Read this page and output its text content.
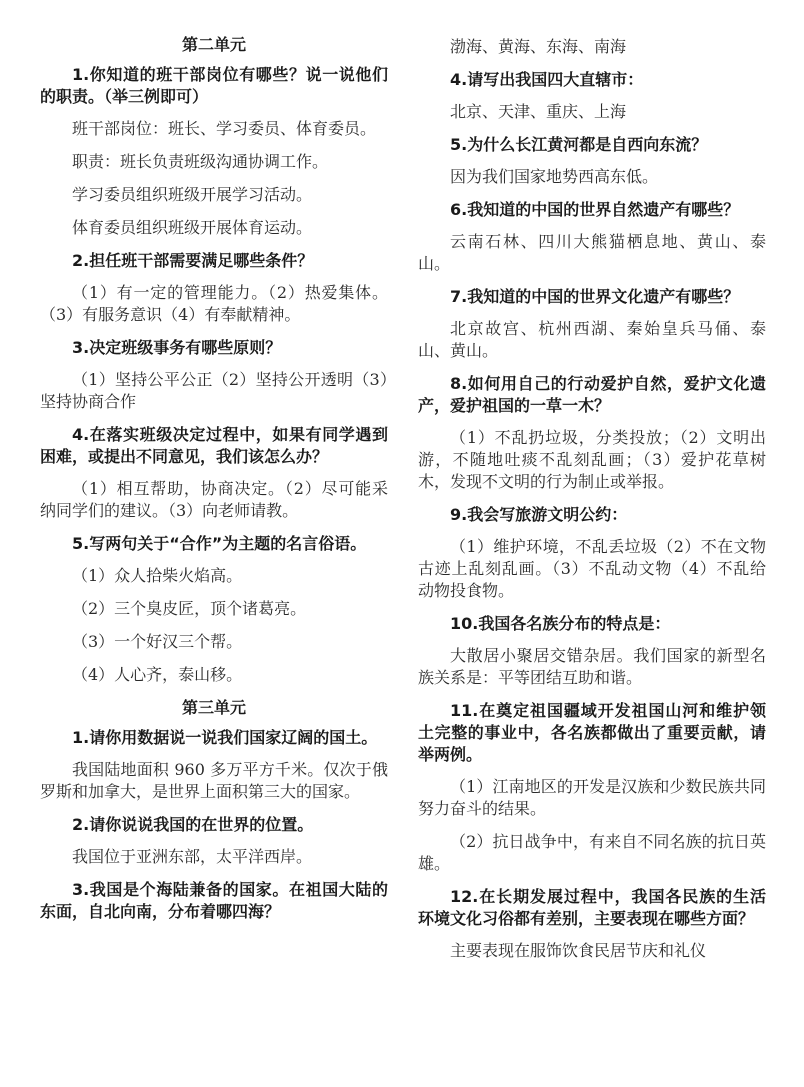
第二单元

1.你知道的班干部岗位有哪些？说一说他们的职责。（举三例即可）

班干部岗位：班长、学习委员、体育委员。

职责：班长负责班级沟通协调工作。

学习委员组织班级开展学习活动。

体育委员组织班级开展体育运动。

2.担任班干部需要满足哪些条件？

（1）有一定的管理能力。（2）热爱集体。（3）有服务意识（4）有奉献精神。

3.决定班级事务有哪些原则？

（1）坚持公平公正（2）坚持公开透明（3）坚持协商合作

4.在落实班级决定过程中，如果有同学遇到困难，或提出不同意见，我们该怎么办？

（1）相互帮助，协商决定。（2）尽可能采纳同学们的建议。（3）向老师请教。

5.写两句关于“合作”为主题的名言俗语。

（1）众人拾柴火焰高。

（2）三个臭皮匠，顶个诸葛亮。

（3）一个好汉三个帮。

（4）人心齐，泰山移。

第三单元

1.请你用数据说一说我们国家辽阔的国土。

我国陆地面积 960 多万平方千米。仅次于俄罗斯和加拿大，是世界上面积第三大的国家。

2.请你说说我国的在世界的位置。

我国位于亚洲东部，太平洋西岸。

3.我国是个海陆兼备的国家。在祖国大陆的东面，自北向南，分布着哪四海？

渤海、黄海、东海、南海

4.请写出我国四大直辖市：

北京、天津、重庆、上海

5.为什么长江黄河都是自西向东流？

因为我们国家地势西高东低。

6.我知道的中国的世界自然遗产有哪些？

云南石林、四川大熊猫栖息地、黄山、泰山。

7.我知道的中国的世界文化遗产有哪些？

北京故宫、杭州西湖、秦始皇兵马俑、泰山、黄山。

8.如何用自己的行动爱护自然，爱护文化遗产，爱护祖国的一草一木？

（1）不乱扔垃圾，分类投放；（2）文明出游，不随地吐痰不乱刻乱画；（3）爱护花草树木，发现不文明的行为制止或举报。

9.我会写旅游文明公约：

（1）维护环境，不乱丢垃圾（2）不在文物古迹上乱刻乱画。（3）不乱动文物（4）不乱给动物投食物。

10.我国各名族分布的特点是：

大散居小聚居交错杂居。我们国家的新型名族关系是：平等团结互助和谐。

11.在奠定祖国疆域开发祖国山河和维护领土完整的事业中，各名族都做出了重要贡献，请举两例。

（1）江南地区的开发是汉族和少数民族共同努力奋斗的结果。

（2）抗日战争中，有来自不同名族的抗日英雄。

12.在长期发展过程中，我国各民族的生活环境文化习俗都有差别，主要表现在哪些方面？

主要表现在服饰饮食民居节庆和礼仪
